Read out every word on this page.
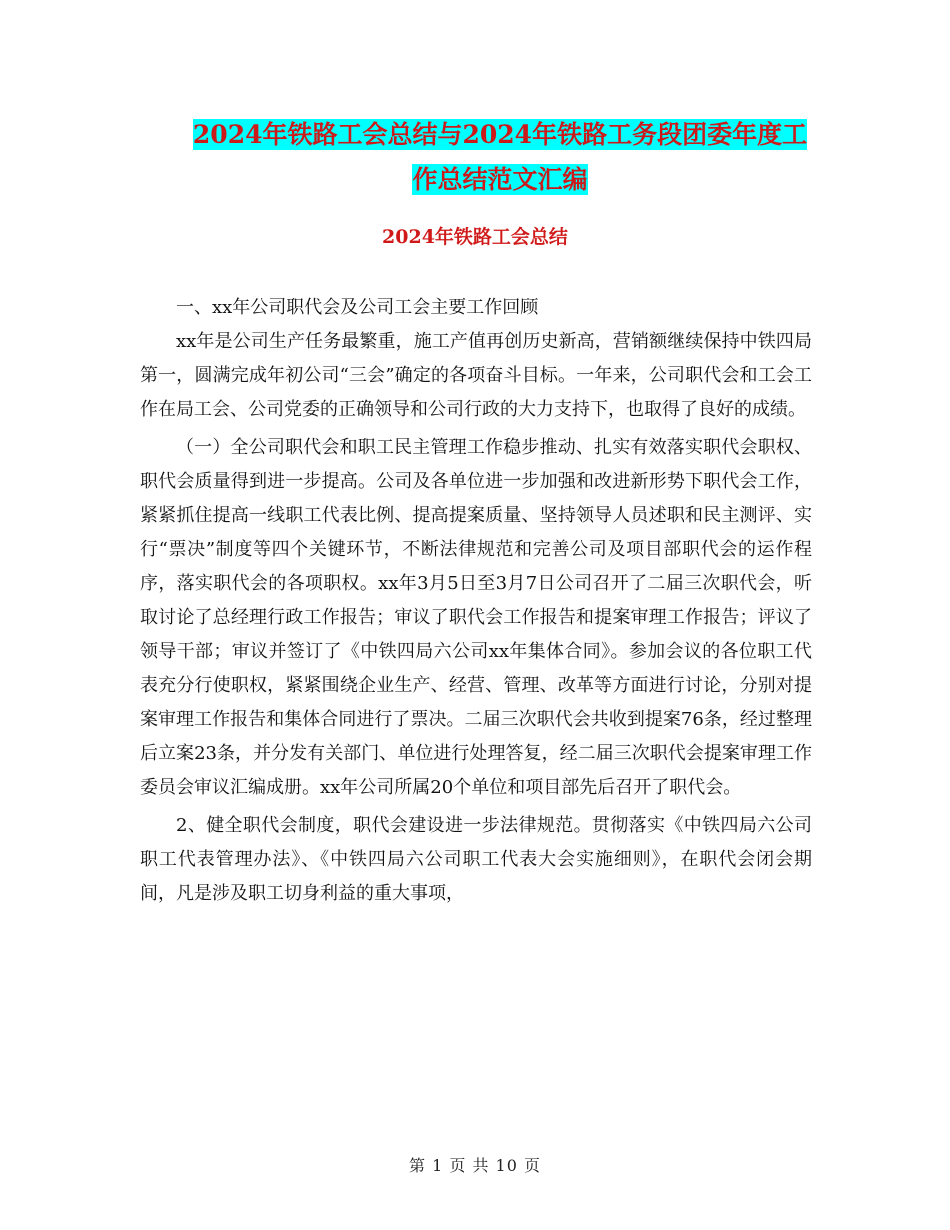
2024年铁路工会总结与2024年铁路工务段团委年度工
作总结范文汇编
2024年铁路工会总结

一、xx年公司职代会及公司工会主要工作回顾

xx年是公司生产任务最繁重，施工产值再创历史新高，营销额继续保持中铁四局第一，圆满完成年初公司“三会”确定的各项奋斗目标。一年来，公司职代会和工会工作在局工会、公司党委的正确领导和公司行政的大力支持下，也取得了良好的成绩。

（一）全公司职代会和职工民主管理工作稳步推动、扎实有效落实职代会职权、职代会质量得到进一步提高。公司及各单位进一步加强和改进新形势下职代会工作，紧紧抓住提高一线职工代表比例、提高提案质量、坚持领导人员述职和民主测评、实行“票决”制度等四个关键环节，不断法律规范和完善公司及项目部职代会的运作程序，落实职代会的各项职权。xx年3月5日至3月7日公司召开了二届三次职代会，听取讨论了总经理行政工作报告；审议了职代会工作报告和提案审理工作报告；评议了领导干部；审议并签订了《中铁四局六公司xx年集体合同》。参加会议的各位职工代表充分行使职权，紧紧围绕企业生产、经营、管理、改革等方面进行讨论，分别对提案审理工作报告和集体合同进行了票决。二届三次职代会共收到提案76条，经过整理后立案23条，并分发有关部门、单位进行处理答复，经二届三次职代会提案审理工作委员会审议汇编成册。xx年公司所属20个单位和项目部先后召开了职代会。

2、健全职代会制度，职代会建设进一步法律规范。贯彻落实《中铁四局六公司职工代表管理办法》、《中铁四局六公司职工代表大会实施细则》，在职代会闭会期间，凡是涉及职工切身利益的重大事项，

第 1 页 共 10 页
